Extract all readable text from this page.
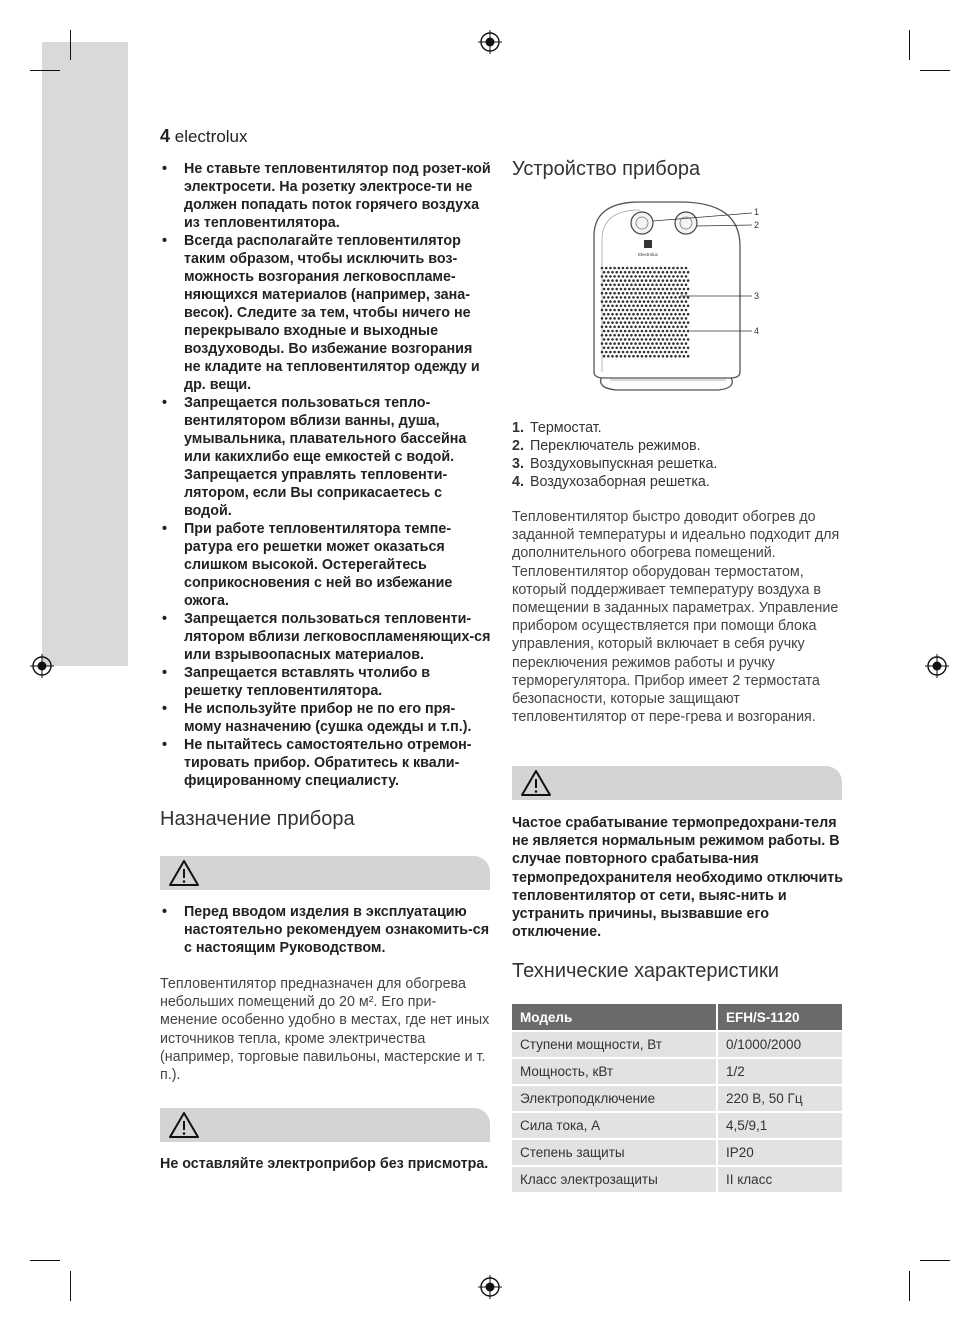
4 electrolux
• Не ставьте тепловентилятор под розет-кой электросети. На розетку электросе-ти не должен попадать поток горячего воздуха из тепловентилятора.
• Всегда располагайте тепловентилятор таким образом, чтобы исключить воз-можность возгорания легковоспламе-няющихся материалов (например, зана-весок). Следите за тем, чтобы ничего не перекрывало входные и выходные воздуховоды. Во избежание возгорания не кладите на тепловентилятор одежду и др. вещи.
• Запрещается пользоваться тепло-вентилятором вблизи ванны, душа, умывальника, плавательного бассейна или какихлибо еще емкостей с водой. Запрещается управлять тепловенти-лятором, если Вы соприкасаетесь с водой.
• При работе тепловентилятора темпе-ратура его решетки может оказаться слишком высокой. Остерегайтесь соприкосновения с ней во избежание ожога.
• Запрещается пользоваться тепловенти-лятором вблизи легковоспламеняющих-ся или взрывоопасных материалов.
• Запрещается вставлять чтолибо в решетку тепловентилятора.
• Не используйте прибор не по его пря-мому назначению (сушка одежды и т.п.).
• Не пытайтесь самостоятельно отремон-тировать прибор. Обратитесь к квали-фицированному специалисту.
Назначение прибора
• Перед вводом изделия в эксплуатацию настоятельно рекомендуем ознакомить-ся с настоящим Руководством.
Тепловентилятор предназначен для обогрева небольших помещений до 20 м². Его при-менение особенно удобно в местах, где нет иных источников тепла, кроме электричества (например, торговые павильоны, мастерские и т. п.).
Не оставляйте электроприбор без присмотра.
Устройство прибора
Electrolux
1
2
3
4
1. Термостат.
2. Переключатель режимов.
3. Воздуховыпускная решетка.
4. Воздухозаборная решетка.
Тепловентилятор быстро доводит обогрев до заданной температуры и идеально подходит для дополнительного обогрева помещений. Тепловентилятор оборудован термостатом, который поддерживает температуру воздуха в помещении в заданных параметрах. Управление прибором осуществляется при помощи блока управления, который включает в себя ручку переключения режимов работы и ручку терморегулятора. Прибор имеет 2 термостата безопасности, которые защищают тепловентилятор от пере-грева и возгорания.
Частое срабатывание термопредохрани-теля не является нормальным режимом работы. В случае повторного срабатыва-ния термопредохранителя необходимо отключить тепловентилятор от сети, выяс-нить и устранить причины, вызвавшие его отключение.
Технические характеристики
Модель	EFH/S-1120
Ступени мощности, Вт	0/1000/2000
Мощность, кВт	1/2
Электроподключение	220 В, 50 Гц
Сила тока, А	4,5/9,1
Степень защиты	IP20
Класс электрозащиты	II класс
